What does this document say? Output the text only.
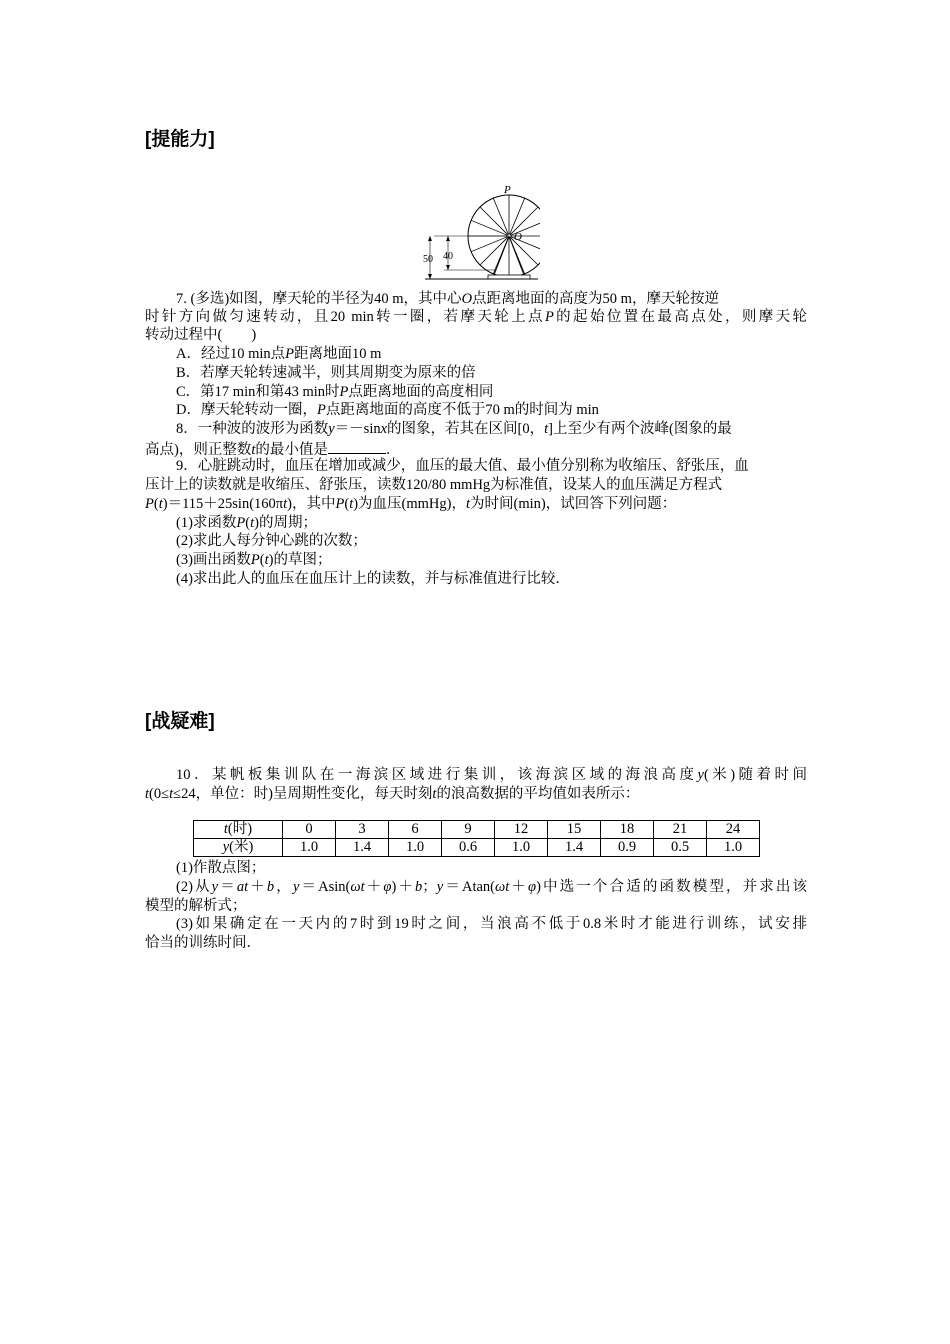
[提能力]
50 40
P
O
7. (多选)如图，摩天轮的半径为40 m，其中心O点距离地面的高度为50 m，摩天轮按逆
时针方向做匀速转动，且20 min转一圈，若摩天轮上点P的起始位置在最高点处，则摩天轮
转动过程中(　　)
A．经过10 min点P距离地面10 m
B．若摩天轮转速减半，则其周期变为原来的倍
C．第17 min和第43 min时P点距离地面的高度相同
D．摩天轮转动一圈，P点距离地面的高度不低于70 m的时间为 min
8．一种波的波形为函数y＝－sinx的图象，若其在区间[0，t]上至少有两个波峰(图象的最
高点)，则正整数t的最小值是	．
9．心脏跳动时，血压在增加或减少，血压的最大值、最小值分别称为收缩压、舒张压，血
压计上的读数就是收缩压、舒张压，读数120/80 mmHg为标准值，设某人的血压满足方程式
P(t)＝115＋25sin(160πt)，其中P(t)为血压(mmHg)，t为时间(min)，试回答下列问题：
(1)求函数P(t)的周期；
(2)求此人每分钟心跳的次数；
(3)画出函数P(t)的草图；
(4)求出此人的血压在血压计上的读数，并与标准值进行比较．
[战疑难]
10．某帆板集训队在一海滨区域进行集训，该海滨区域的海浪高度y(米)随着时间
t(0≤t≤24，单位：时)呈周期性变化，每天时刻t的浪高数据的平均值如表所示：
t(时)	0	3	6	9	12	15	18	21	24
y(米)	1.0	1.4	1.0	0.6	1.0	1.4	0.9	0.5	1.0
(1)作散点图；
(2)从y＝at＋b，y＝Asin(ωt＋φ)＋b；y＝Atan(ωt＋φ)中选一个合适的函数模型，并求出该
模型的解析式；
(3)如果确定在一天内的7时到19时之间，当浪高不低于0.8米时才能进行训练，试安排
恰当的训练时间．
